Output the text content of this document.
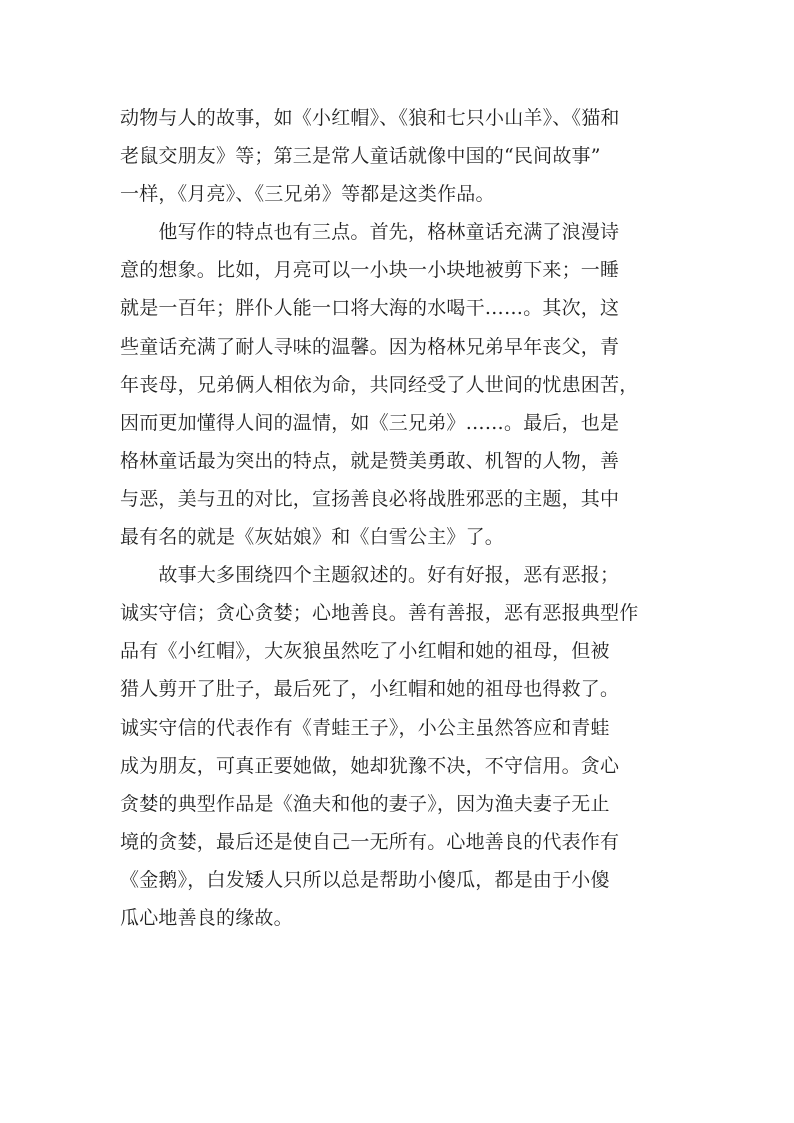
动物与人的故事，如《小红帽》、《狼和七只小山羊》、《猫和
老鼠交朋友》等；第三是常人童话就像中国的“民间故事”
一样，《月亮》、《三兄弟》等都是这类作品。
　　他写作的特点也有三点。首先，格林童话充满了浪漫诗
意的想象。比如，月亮可以一小块一小块地被剪下来；一睡
就是一百年；胖仆人能一口将大海的水喝干……。其次，这
些童话充满了耐人寻味的温馨。因为格林兄弟早年丧父，青
年丧母，兄弟俩人相依为命，共同经受了人世间的忧患困苦，
因而更加懂得人间的温情，如《三兄弟》……。最后，也是
格林童话最为突出的特点，就是赞美勇敢、机智的人物，善
与恶，美与丑的对比，宣扬善良必将战胜邪恶的主题，其中
最有名的就是《灰姑娘》和《白雪公主》了。
　　故事大多围绕四个主题叙述的。好有好报，恶有恶报；
诚实守信；贪心贪婪；心地善良。善有善报，恶有恶报典型作
品有《小红帽》，大灰狼虽然吃了小红帽和她的祖母，但被
猎人剪开了肚子，最后死了，小红帽和她的祖母也得救了。
诚实守信的代表作有《青蛙王子》，小公主虽然答应和青蛙
成为朋友，可真正要她做，她却犹豫不决，不守信用。贪心
贪婪的典型作品是《渔夫和他的妻子》，因为渔夫妻子无止
境的贪婪，最后还是使自己一无所有。心地善良的代表作有
《金鹅》，白发矮人只所以总是帮助小傻瓜，都是由于小傻
瓜心地善良的缘故。
